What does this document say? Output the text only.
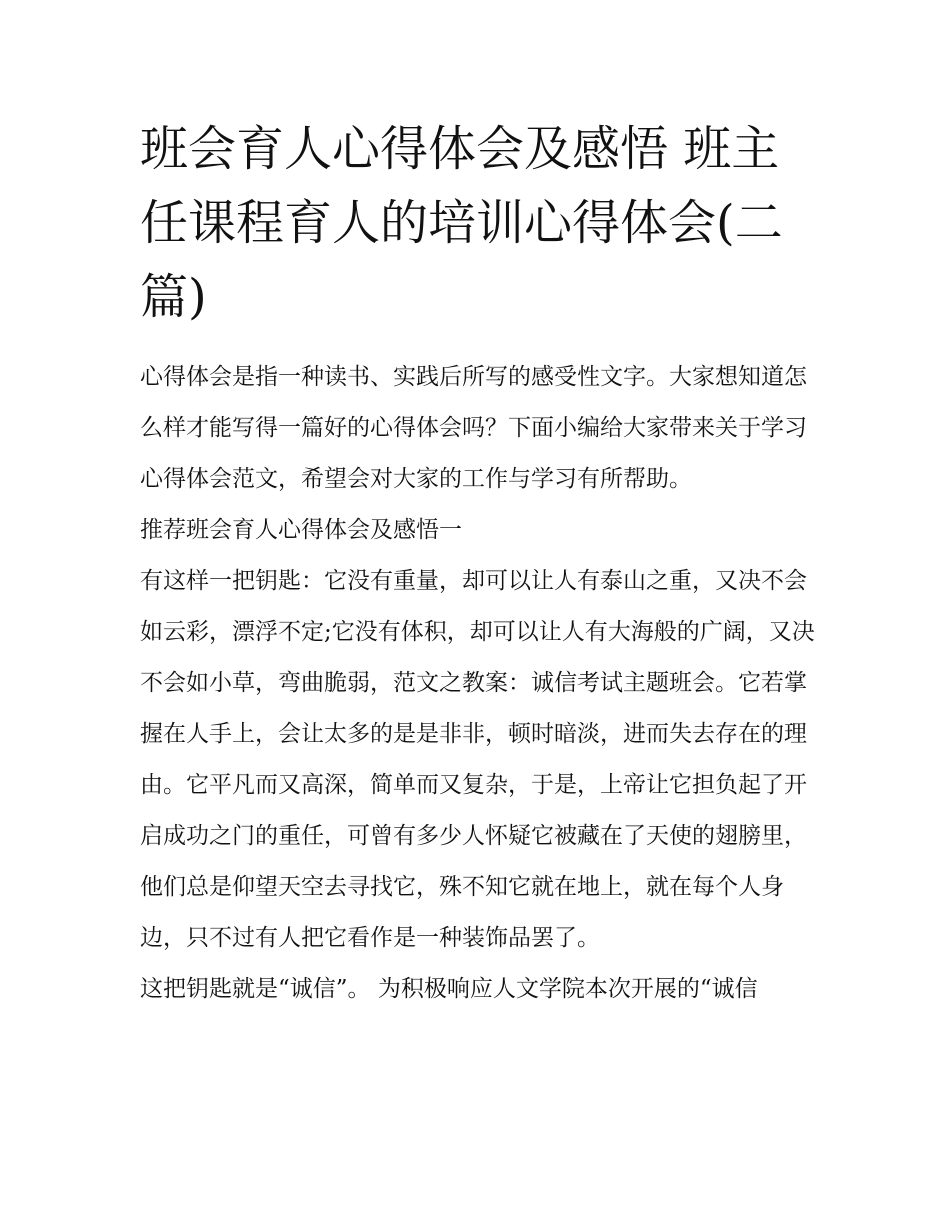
班会育人心得体会及感悟 班主任课程育人的培训心得体会(二篇)

心得体会是指一种读书、实践后所写的感受性文字。大家想知道怎么样才能写得一篇好的心得体会吗？下面小编给大家带来关于学习心得体会范文，希望会对大家的工作与学习有所帮助。

推荐班会育人心得体会及感悟一

有这样一把钥匙：它没有重量，却可以让人有泰山之重，又决不会如云彩，漂浮不定;它没有体积，却可以让人有大海般的广阔，又决不会如小草，弯曲脆弱，范文之教案：诚信考试主题班会。它若掌握在人手上，会让太多的是是非非，顿时暗淡，进而失去存在的理由。它平凡而又高深，简单而又复杂，于是，上帝让它担负起了开启成功之门的重任，可曾有多少人怀疑它被藏在了天使的翅膀里，他们总是仰望天空去寻找它，殊不知它就在地上，就在每个人身边，只不过有人把它看作是一种装饰品罢了。

这把钥匙就是“诚信”。 为积极响应人文学院本次开展的“诚信
